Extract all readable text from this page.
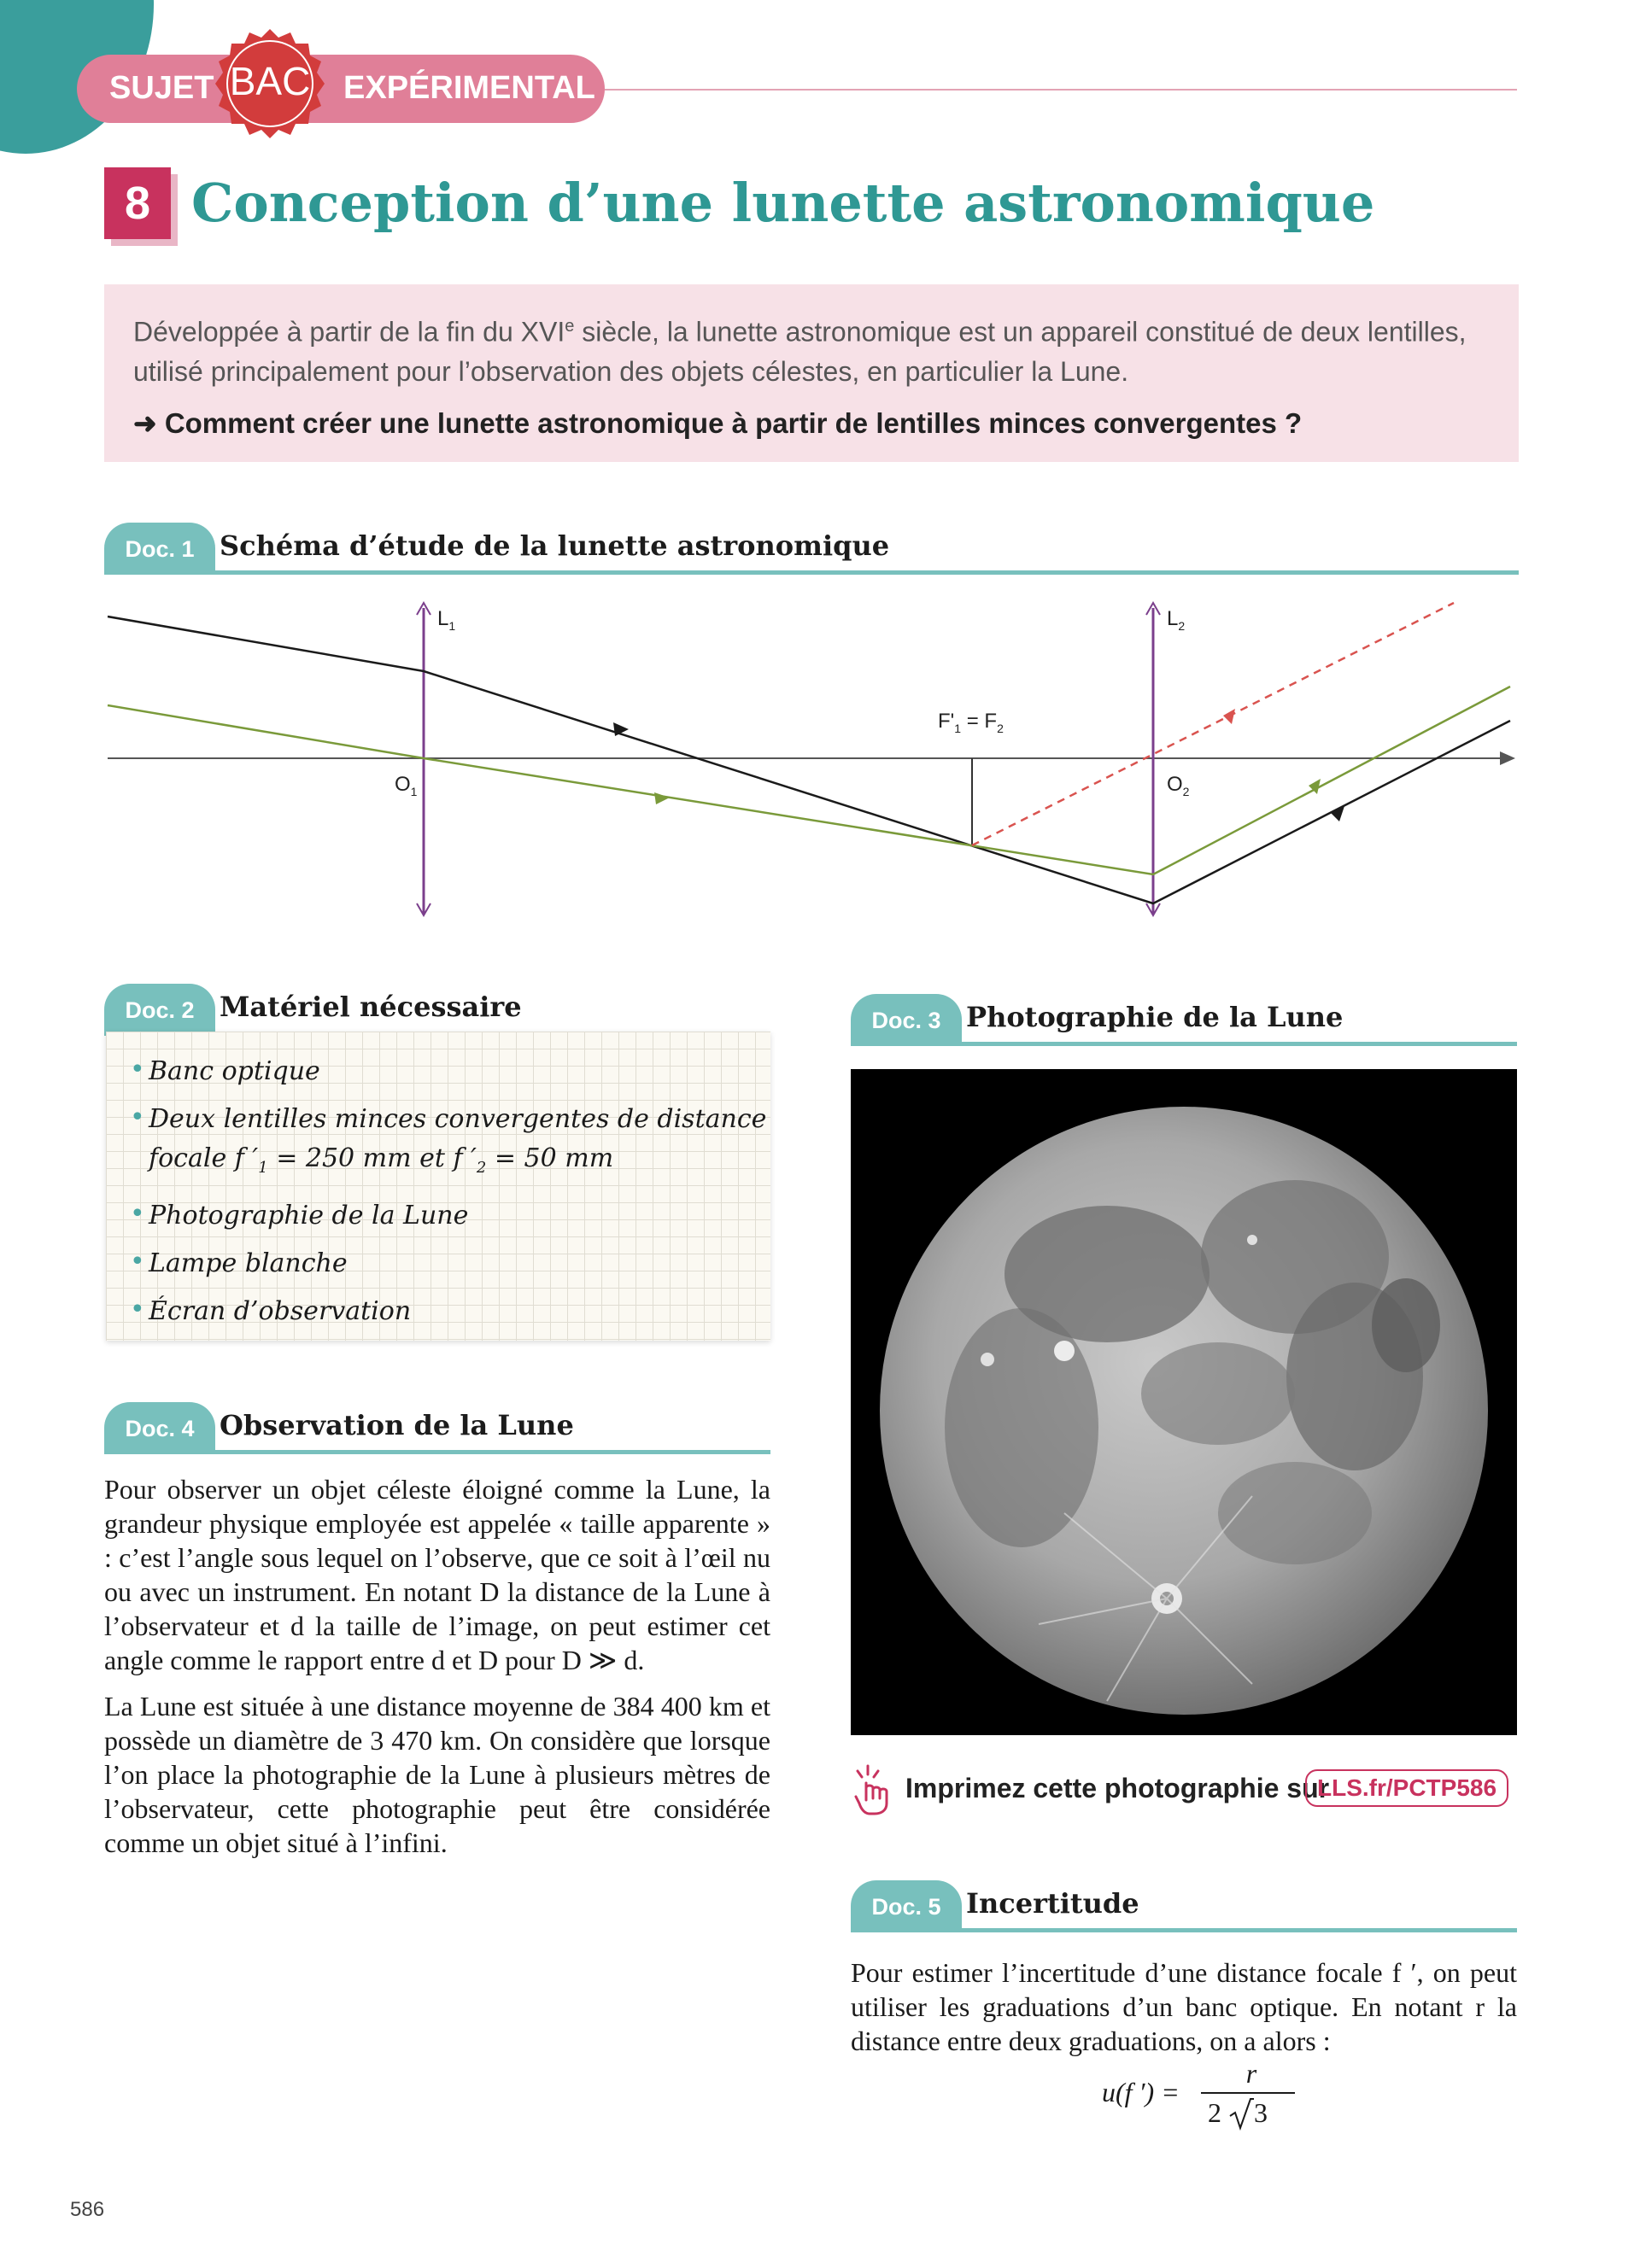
SUJET	EXPÉRIMENTAL
BAC
8 Conception d’une lunette astronomique
Développée à partir de la fin du XVIe siècle, la lunette astronomique est un appareil constitué de deux lentilles, utilisé principalement pour l’observation des objets célestes, en particulier la Lune.
➜ Comment créer une lunette astronomique à partir de lentilles minces convergentes ?
Doc. 1 Schéma d’étude de la lunette astronomique
$L_1$	$L_2$
$O_1$	$O_2$
$F'_1 = F_2$
Doc. 2 Matériel nécessaire
• Banc optique
• Deux lentilles minces convergentes de distance
focale f $'_1 = 250$ mm et f $'_2 = 50$ mm
• Photographie de la Lune
• Lampe blanche
• Écran d’observation
Doc. 3 Photographie de la Lune
Imprimez cette photographie sur
LLS.fr/PCTP586
Doc. 4 Observation de la Lune

Pour observer un objet céleste éloigné comme la Lune, la grandeur physique employée est appelée « taille apparente » : c’est l’angle sous lequel on l’observe, que ce soit à l’œil nu ou avec un instrument. En notant D la distance de la Lune à l’observateur et d la taille de l’image, on peut estimer cet angle comme le rapport entre d et D pour D ≫ d.

La Lune est située à une distance moyenne de 384 400 km et possède un diamètre de 3 470 km. On considère que lorsque l’on place la photographie de la Lune à plusieurs mètres de l’observateur, cette photographie peut être considérée comme un objet situé à l’infini.

Doc. 5 Incertitude

Pour estimer l’incertitude d’une distance focale f ′, on peut utiliser les graduations d’un banc optique. En notant r la distance entre deux graduations, on a alors :

u(f ′) =
r
2 3
586
